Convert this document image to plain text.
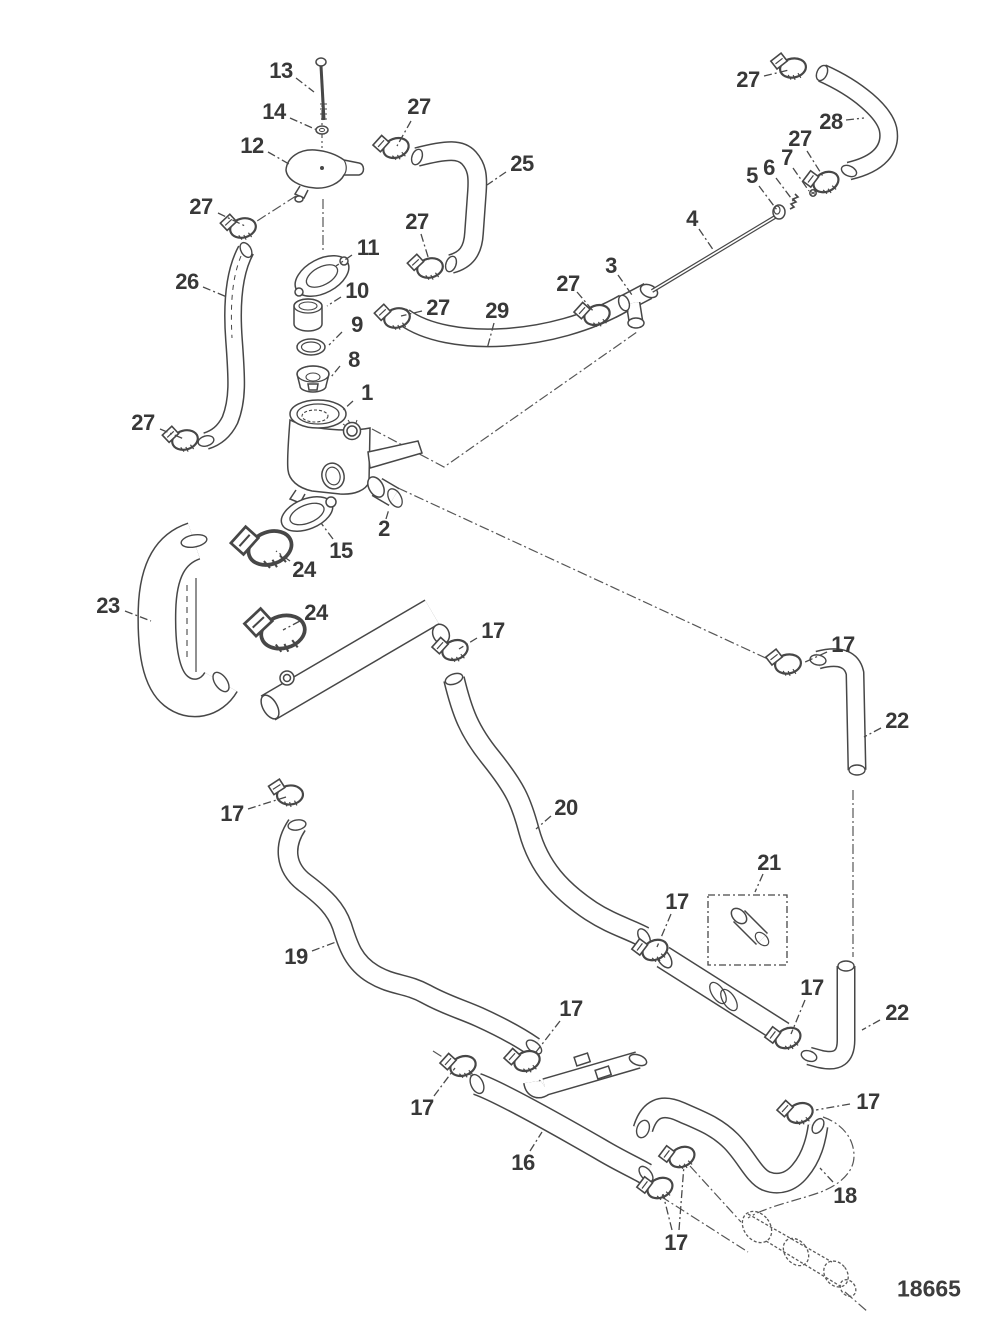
18665
13
14
12
27
25
27
11
10
27
9
8
26
27
1
2
15
24
24
23
27
28
27
7
6
5
4
3
27
29
27
17
17
22
17	20
21
17
17
22
19
17
17
16
17
18
17
